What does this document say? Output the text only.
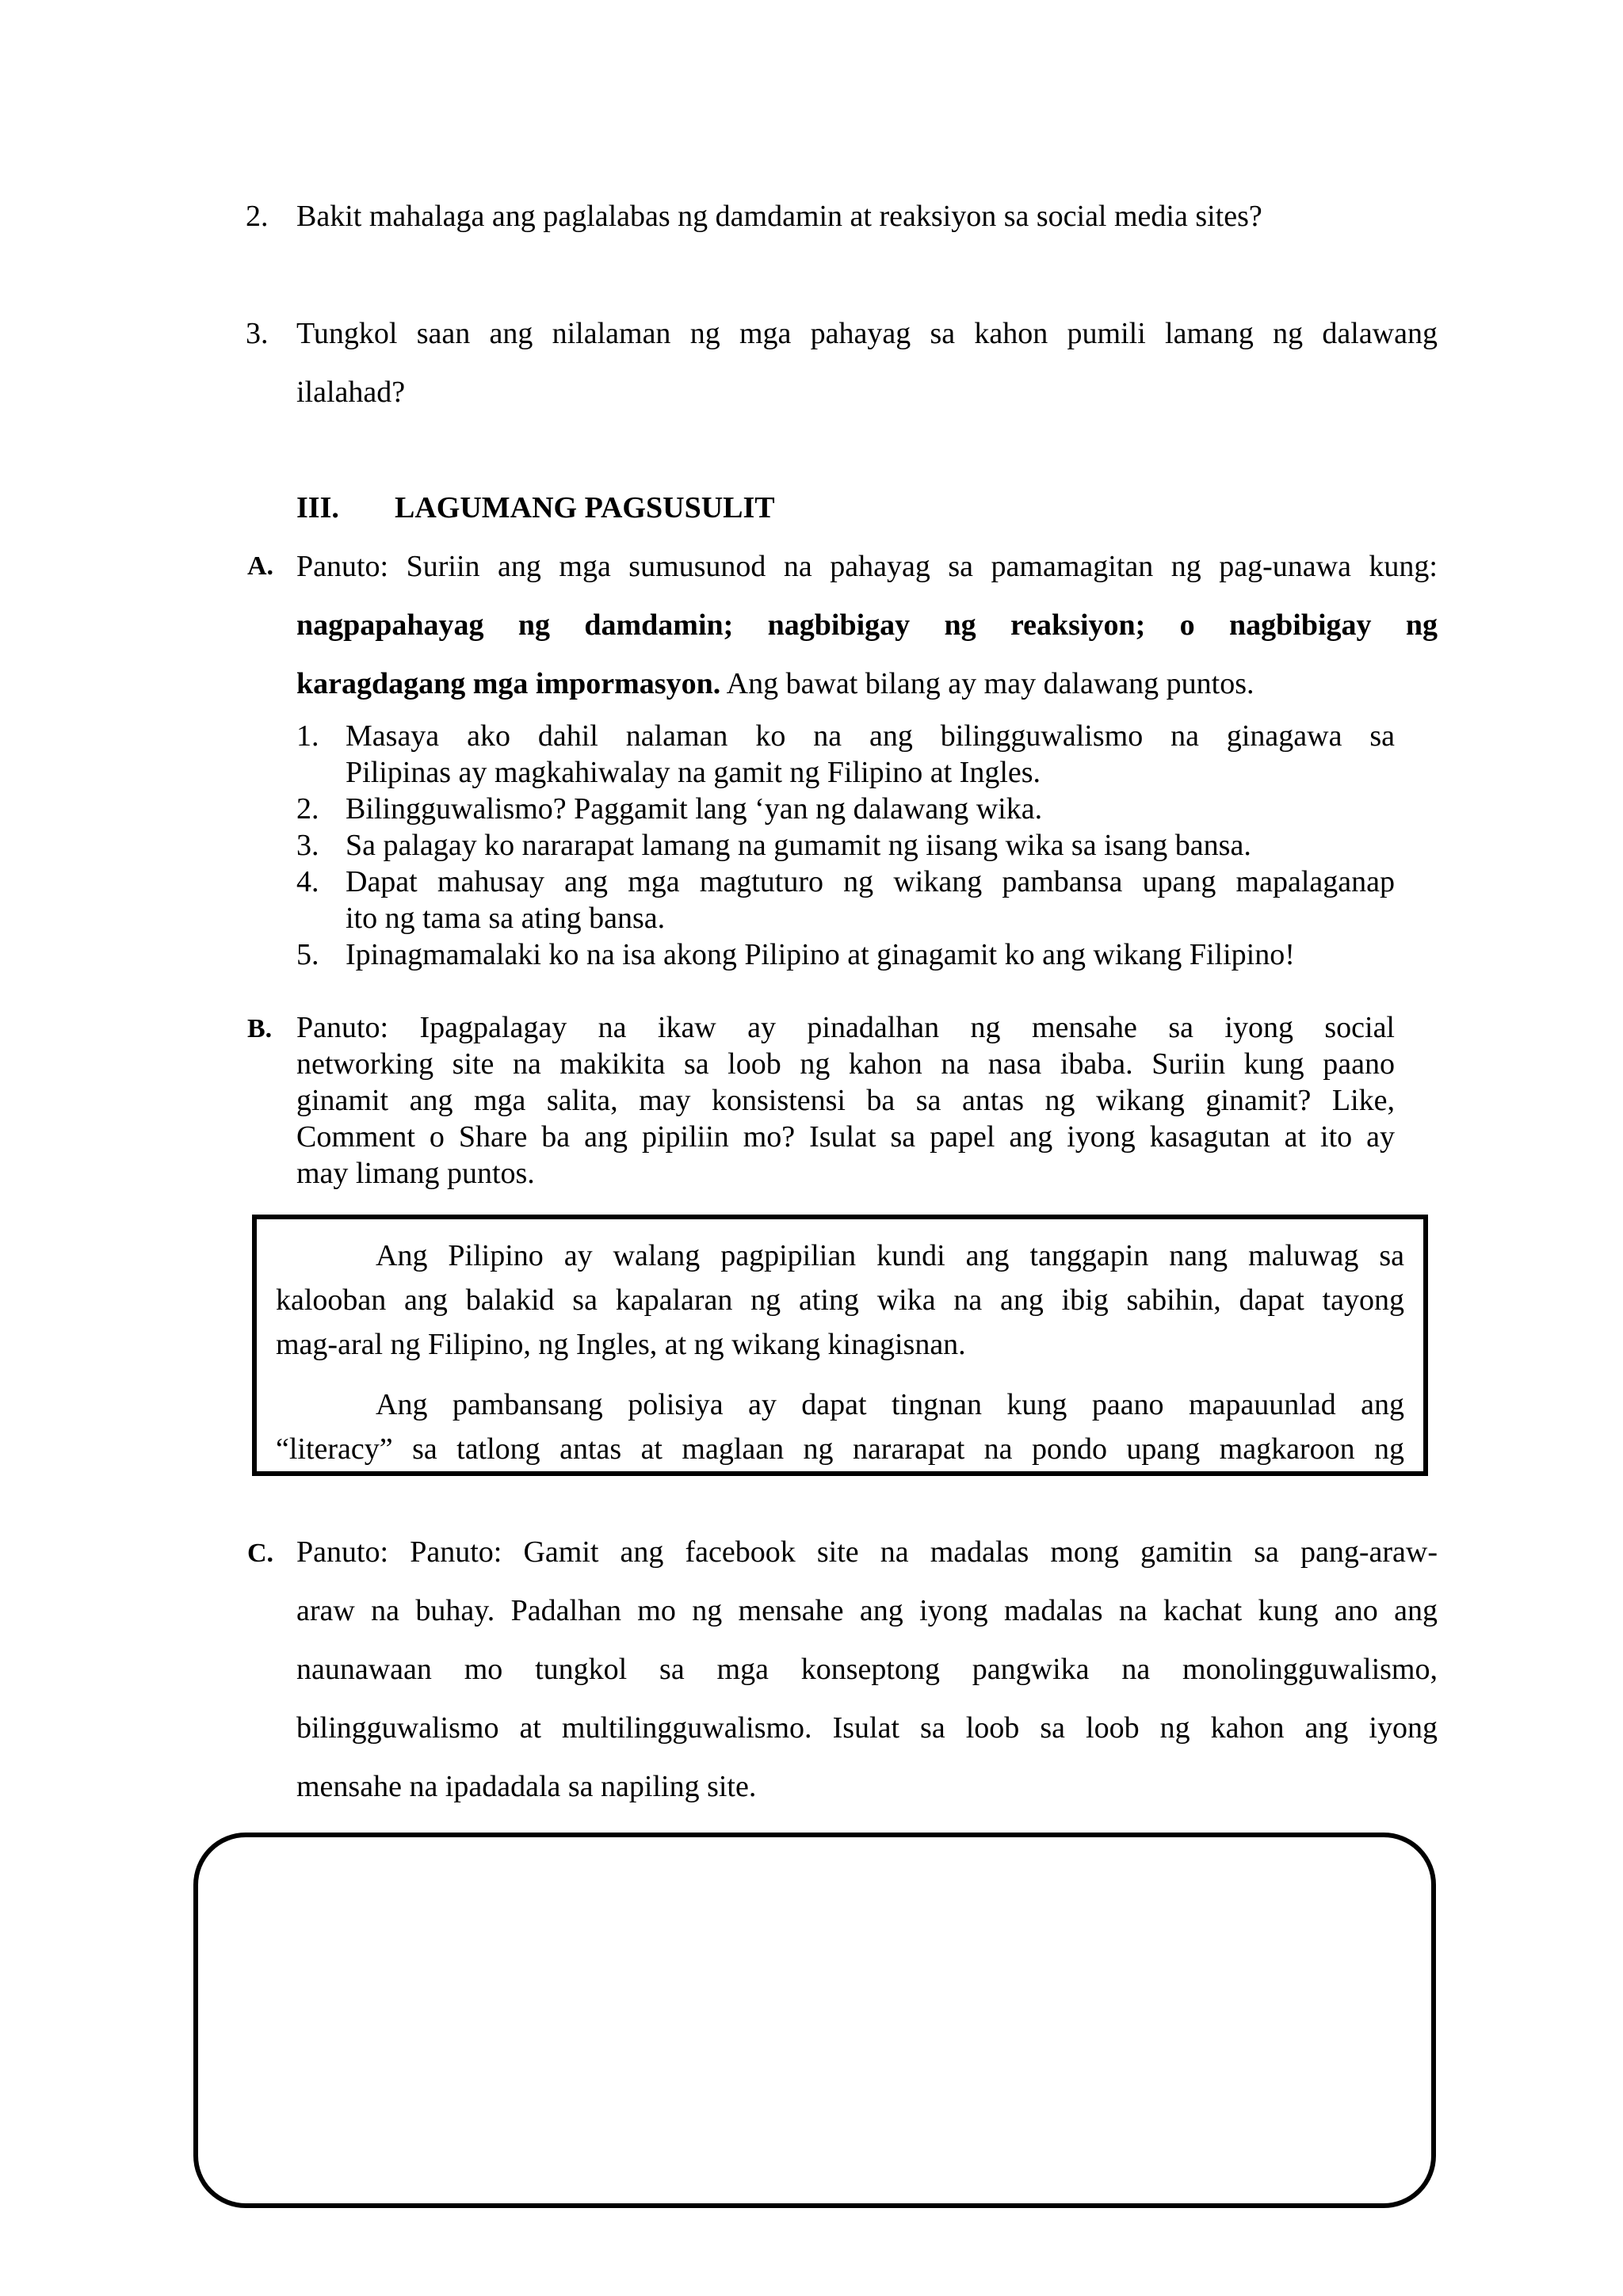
2. Bakit mahalaga ang paglalabas ng damdamin at reaksiyon sa social media sites?
3. Tungkol saan ang nilalaman ng mga pahayag sa kahon pumili lamang ng dalawang
ilalahad?
III. LAGUMANG PAGSUSULIT
A. Panuto: Suriin ang mga sumusunod na pahayag sa pamamagitan ng pag-unawa kung:
nagpapahayag ng damdamin; nagbibigay ng reaksiyon; o nagbibigay ng
karagdagang mga impormasyon. Ang bawat bilang ay may dalawang puntos.
1. Masaya ako dahil nalaman ko na ang bilingguwalismo na ginagawa sa
Pilipinas ay magkahiwalay na gamit ng Filipino at Ingles.
2. Bilingguwalismo? Paggamit lang ‘yan ng dalawang wika.
3. Sa palagay ko nararapat lamang na gumamit ng iisang wika sa isang bansa.
4. Dapat mahusay ang mga magtuturo ng wikang pambansa upang mapalaganap
ito ng tama sa ating bansa.
5. Ipinagmamalaki ko na isa akong Pilipino at ginagamit ko ang wikang Filipino!
B. Panuto: Ipagpalagay na ikaw ay pinadalhan ng mensahe sa iyong social
networking site na makikita sa loob ng kahon na nasa ibaba. Suriin kung paano
ginamit ang mga salita, may konsistensi ba sa antas ng wikang ginamit? Like,
Comment o Share ba ang pipiliin mo? Isulat sa papel ang iyong kasagutan at ito ay
may limang puntos.

Ang Pilipino ay walang pagpipilian kundi ang tanggapin nang maluwag sa

kalooban ang balakid sa kapalaran ng ating wika na ang ibig sabihin, dapat tayong

mag-aral ng Filipino, ng Ingles, at ng wikang kinagisnan.

Ang pambansang polisiya ay dapat tingnan kung paano mapauunlad ang

“literacy” sa tatlong antas at maglaan ng nararapat na pondo upang magkaroon ng

C. Panuto: Panuto: Gamit ang facebook site na madalas mong gamitin sa pang-araw-
araw na buhay. Padalhan mo ng mensahe ang iyong madalas na kachat kung ano ang
naunawaan mo tungkol sa mga konseptong pangwika na monolingguwalismo,
bilingguwalismo at multilingguwalismo. Isulat sa loob sa loob ng kahon ang iyong
mensahe na ipadadala sa napiling site.
